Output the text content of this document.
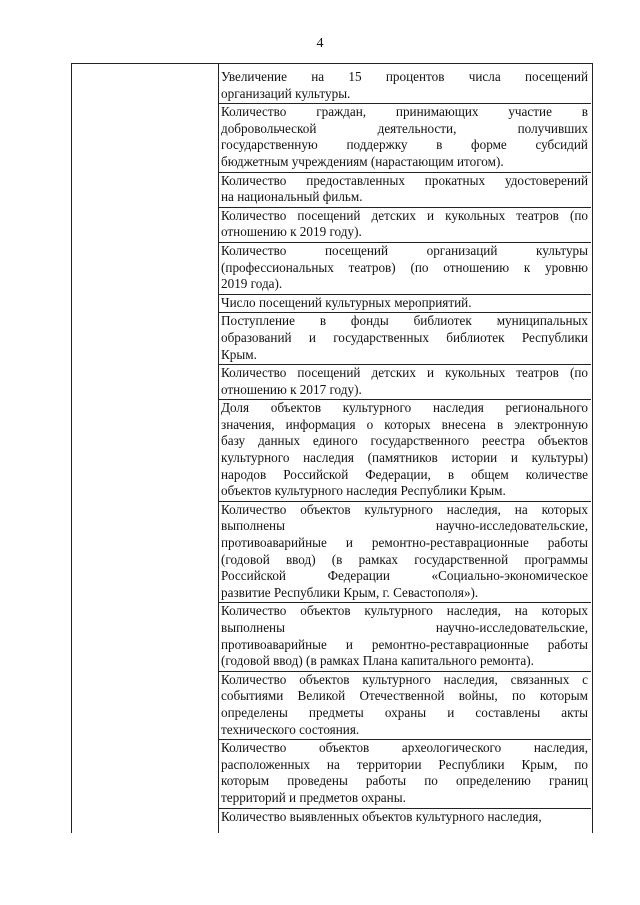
4
Увеличение на 15 процентов числа посещений
организаций культуры.
Количество граждан, принимающих участие в
добровольческой деятельности, получивших
государственную поддержку в форме субсидий
бюджетным учреждениям (нарастающим итогом).
Количество предоставленных прокатных удостоверений
на национальный фильм.
Количество посещений детских и кукольных театров (по
отношению к 2019 году).
Количество посещений организаций культуры
(профессиональных театров) (по отношению к уровню
2019 года).
Число посещений культурных мероприятий.
Поступление в фонды библиотек муниципальных
образований и государственных библиотек Республики
Крым.
Количество посещений детских и кукольных театров (по
отношению к 2017 году).
Доля объектов культурного наследия регионального
значения, информация о которых внесена в электронную
базу данных единого государственного реестра объектов
культурного наследия (памятников истории и культуры)
народов Российской Федерации, в общем количестве
объектов культурного наследия Республики Крым.
Количество объектов культурного наследия, на которых
выполнены научно-исследовательские,
противоаварийные и ремонтно-реставрационные работы
(годовой ввод) (в рамках государственной программы
Российской Федерации «Социально-экономическое
развитие Республики Крым, г. Севастополя»).
Количество объектов культурного наследия, на которых
выполнены научно-исследовательские,
противоаварийные и ремонтно-реставрационные работы
(годовой ввод) (в рамках Плана капитального ремонта).
Количество объектов культурного наследия, связанных с
событиями Великой Отечественной войны, по которым
определены предметы охраны и составлены акты
технического состояния.
Количество объектов археологического наследия,
расположенных на территории Республики Крым, по
которым проведены работы по определению границ
территорий и предметов охраны.
Количество выявленных объектов культурного наследия,
